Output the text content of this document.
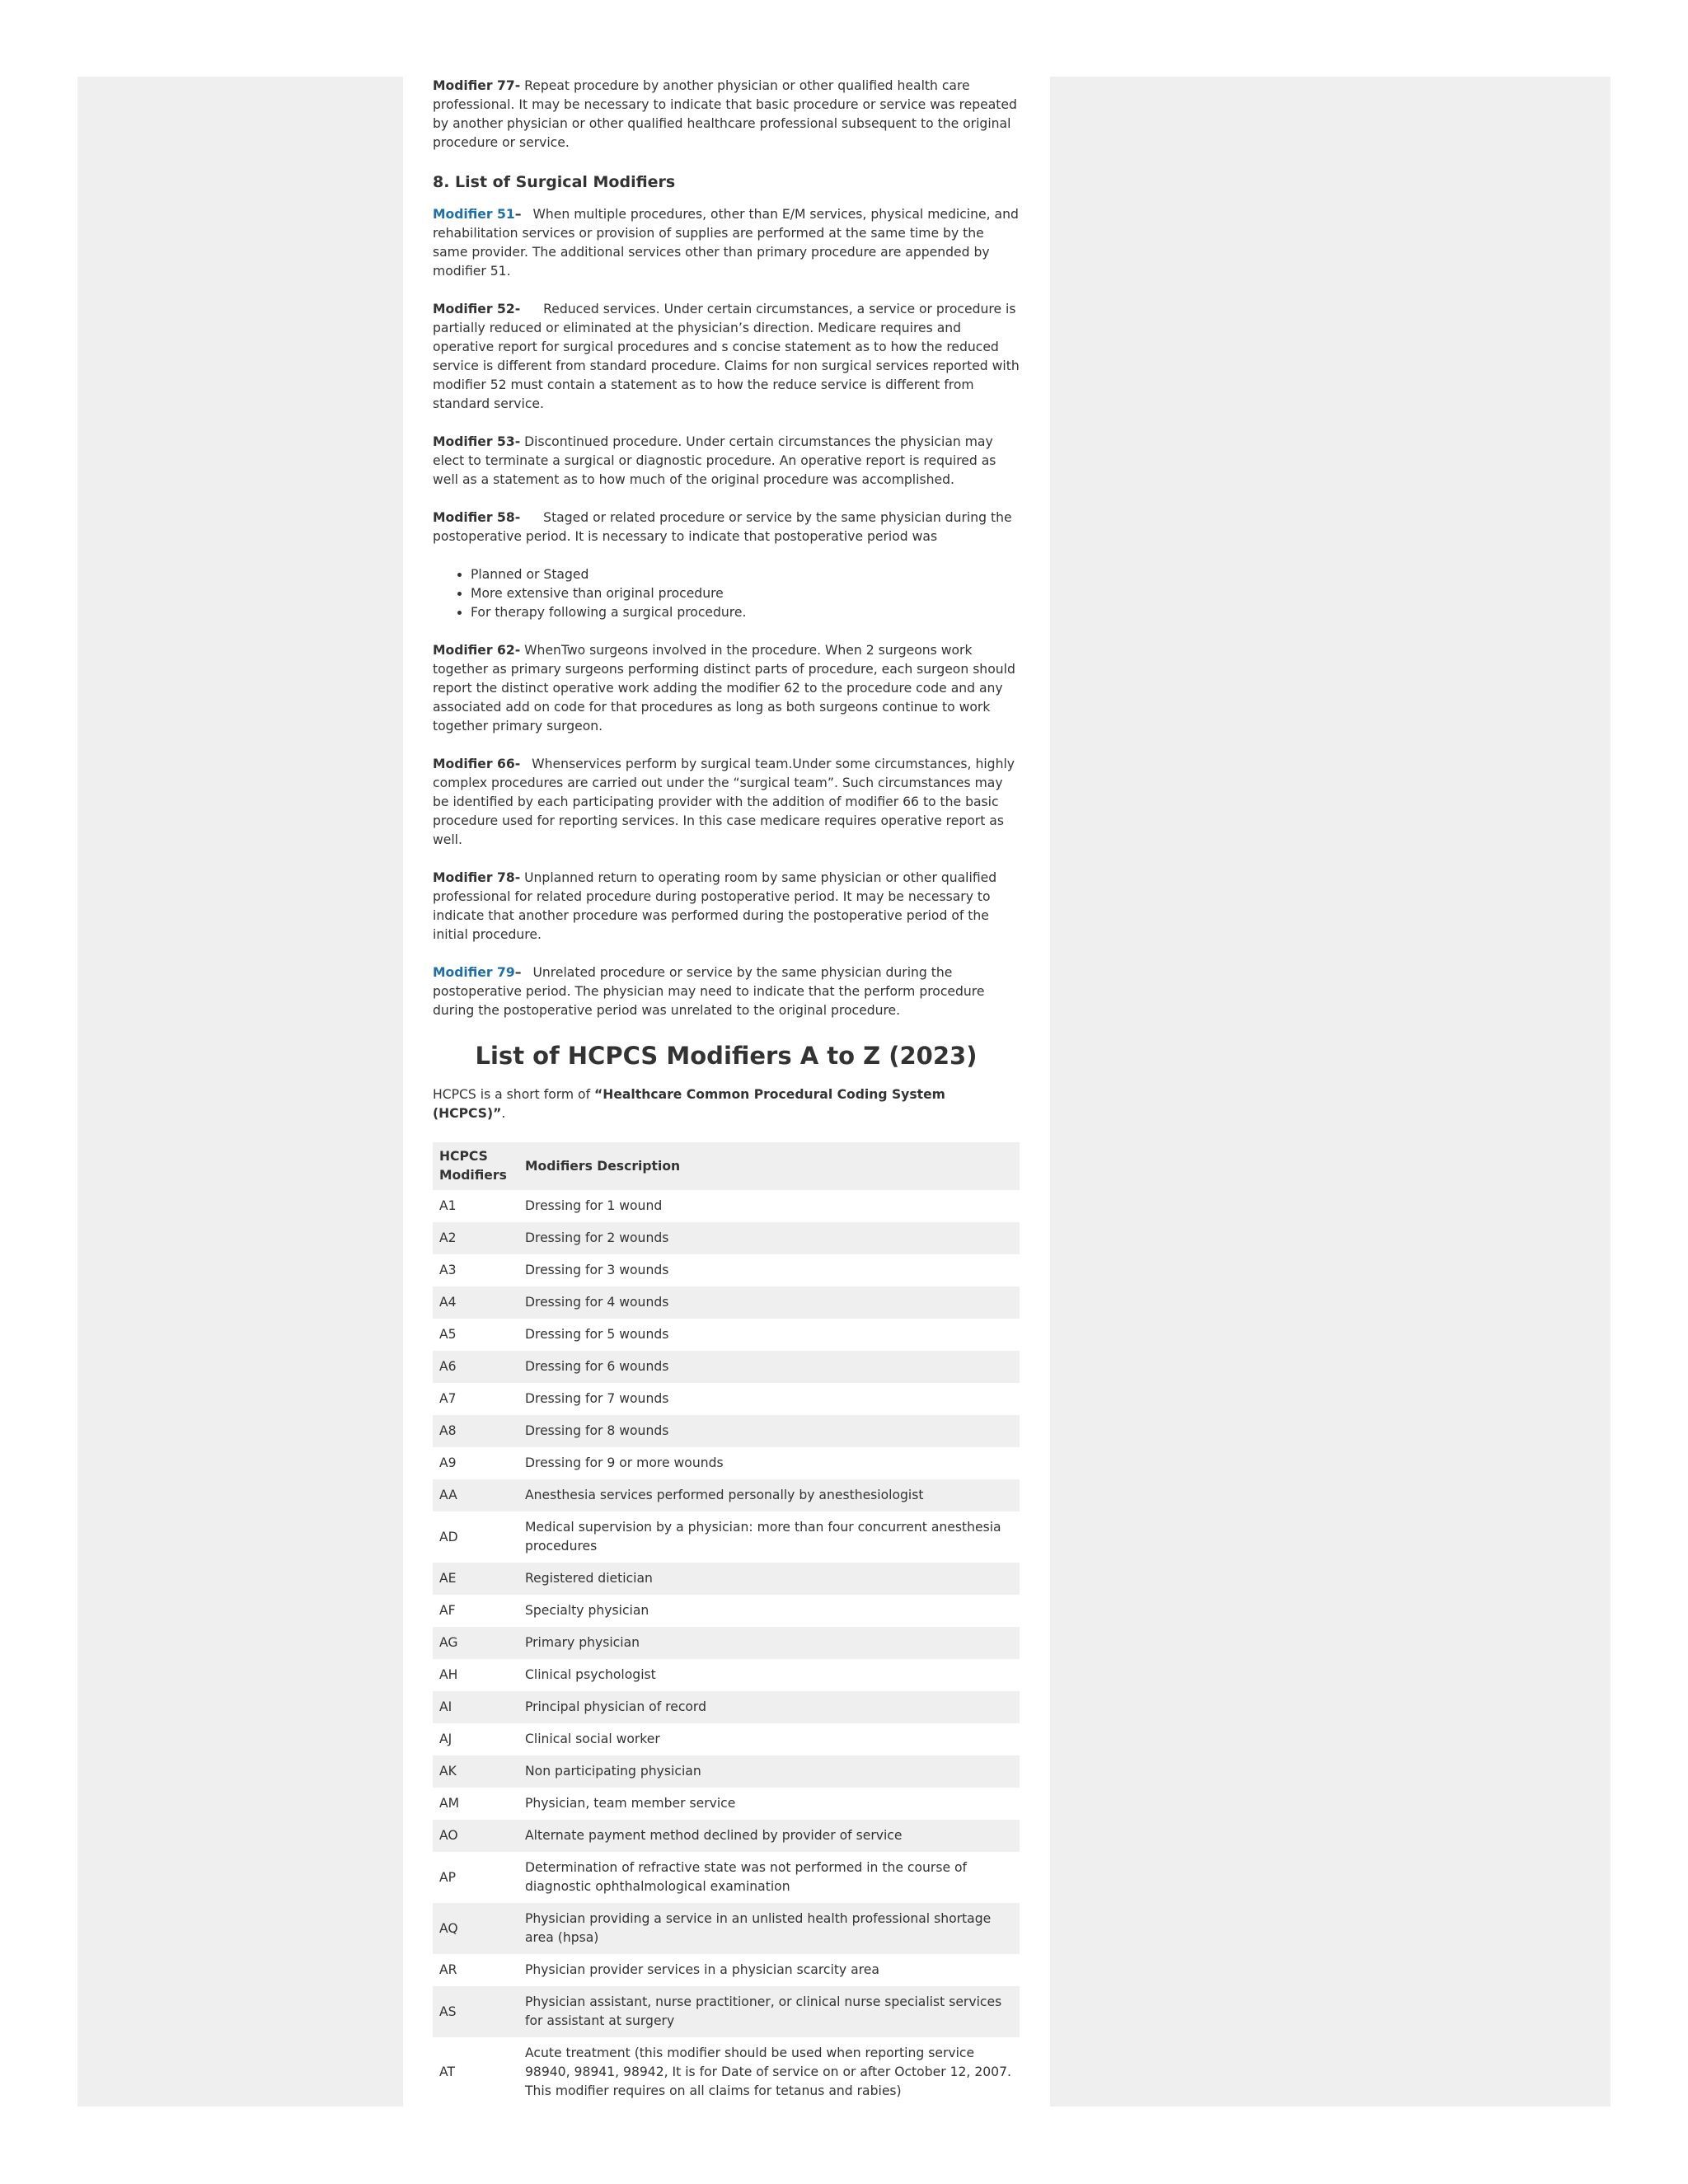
Modifier 77- Repeat procedure by another physician or other qualified health care professional. It may be necessary to indicate that basic procedure or service was repeated by another physician or other qualified healthcare professional subsequent to the original procedure or service.

8. List of Surgical Modifiers

Modifier 51– When multiple procedures, other than E/M services, physical medicine, and rehabilitation services or provision of supplies are performed at the same time by the same provider. The additional services other than primary procedure are appended by modifier 51.

Modifier 52- Reduced services. Under certain circumstances, a service or procedure is partially reduced or eliminated at the physician’s direction. Medicare requires and operative report for surgical procedures and s concise statement as to how the reduced service is different from standard procedure. Claims for non surgical services reported with modifier 52 must contain a statement as to how the reduce service is different from standard service.

Modifier 53- Discontinued procedure. Under certain circumstances the physician may elect to terminate a surgical or diagnostic procedure. An operative report is required as well as a statement as to how much of the original procedure was accomplished.

Modifier 58- Staged or related procedure or service by the same physician during the postoperative period. It is necessary to indicate that postoperative period was

• Planned or Staged
• More extensive than original procedure
• For therapy following a surgical procedure.

Modifier 62- WhenTwo surgeons involved in the procedure. When 2 surgeons work together as primary surgeons performing distinct parts of procedure, each surgeon should report the distinct operative work adding the modifier 62 to the procedure code and any associated add on code for that procedures as long as both surgeons continue to work together primary surgeon.

Modifier 66- Whenservices perform by surgical team.Under some circumstances, highly complex procedures are carried out under the “surgical team”. Such circumstances may be identified by each participating provider with the addition of modifier 66 to the basic procedure used for reporting services. In this case medicare requires operative report as well.

Modifier 78- Unplanned return to operating room by same physician or other qualified professional for related procedure during postoperative period. It may be necessary to indicate that another procedure was performed during the postoperative period of the initial procedure.

Modifier 79– Unrelated procedure or service by the same physician during the postoperative period. The physician may need to indicate that the perform procedure during the postoperative period was unrelated to the original procedure.

List of HCPCS Modifiers A to Z (2023)

HCPCS is a short form of “Healthcare Common Procedural Coding System (HCPCS)”.

HCPCS Modifiers	Modifiers Description
A1	Dressing for 1 wound
A2	Dressing for 2 wounds
A3	Dressing for 3 wounds
A4	Dressing for 4 wounds
A5	Dressing for 5 wounds
A6	Dressing for 6 wounds
A7	Dressing for 7 wounds
A8	Dressing for 8 wounds
A9	Dressing for 9 or more wounds
AA	Anesthesia services performed personally by anesthesiologist
AD	Medical supervision by a physician: more than four concurrent anesthesia procedures
AE	Registered dietician
AF	Specialty physician
AG	Primary physician
AH	Clinical psychologist
AI	Principal physician of record
AJ	Clinical social worker
AK	Non participating physician
AM	Physician, team member service
AO	Alternate payment method declined by provider of service
AP	Determination of refractive state was not performed in the course of diagnostic ophthalmological examination
AQ	Physician providing a service in an unlisted health professional shortage area (hpsa)
AR	Physician provider services in a physician scarcity area
AS	Physician assistant, nurse practitioner, or clinical nurse specialist services for assistant at surgery
AT	Acute treatment (this modifier should be used when reporting service 98940, 98941, 98942, It is for Date of service on or after October 12, 2007. This modifier requires on all claims for tetanus and rabies)
